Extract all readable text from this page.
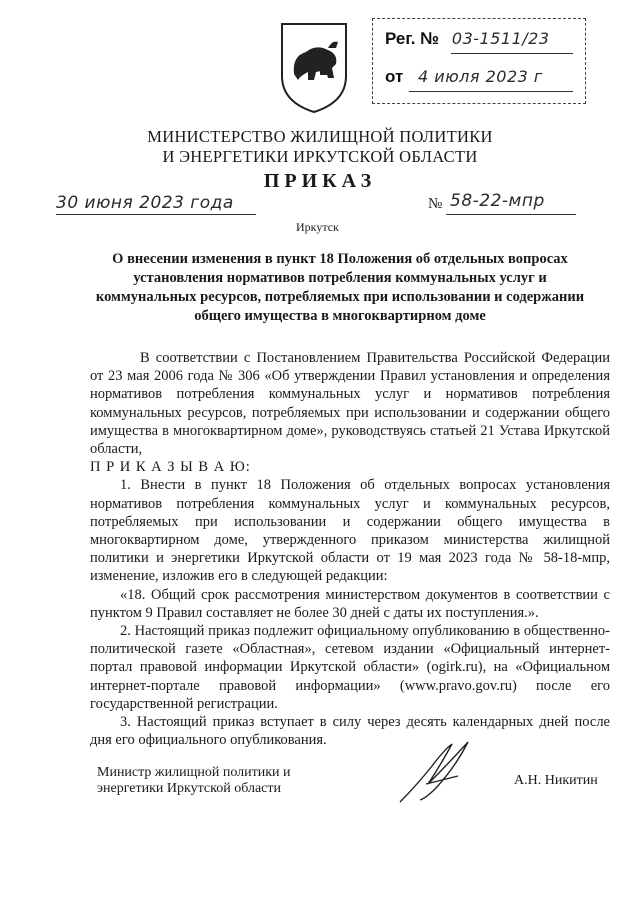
Рег. № 03-1511/23
от 4 июля 2023 г
МИНИСТЕРСТВО ЖИЛИЩНОЙ ПОЛИТИКИ
И ЭНЕРГЕТИКИ ИРКУТСКОЙ ОБЛАСТИ
ПРИКАЗ
30 июня 2023 года	№ 58-22-мпр
Иркутск
О внесении изменения в пункт 18 Положения об отдельных вопросах
установления нормативов потребления коммунальных услуг и
коммунальных ресурсов, потребляемых при использовании и содержании
общего имущества в многоквартирном доме

В соответствии с Постановлением Правительства Российской Федерации от 23 мая 2006 года № 306 «Об утверждении Правил установления и определения нормативов потребления коммунальных услуг и нормативов потребления коммунальных ресурсов, потребляемых при использовании и содержании общего имущества в многоквартирном доме», руководствуясь статьей 21 Устава Иркутской области,

П Р И К А З Ы В А Ю:

1. Внести в пункт 18 Положения об отдельных вопросах установления нормативов потребления коммунальных услуг и коммунальных ресурсов, потребляемых при использовании и содержании общего имущества в многоквартирном доме, утвержденного приказом министерства жилищной политики и энергетики Иркутской области от 19 мая 2023 года № 58-18-мпр, изменение, изложив его в следующей редакции:

«18. Общий срок рассмотрения министерством документов в соответствии с пунктом 9 Правил составляет не более 30 дней с даты их поступления.».

2. Настоящий приказ подлежит официальному опубликованию в общественно-политической газете «Областная», сетевом издании «Официальный интернет-портал правовой информации Иркутской области» (ogirk.ru), на «Официальном интернет-портале правовой информации» (www.pravo.gov.ru) после его государственной регистрации.

3. Настоящий приказ вступает в силу через десять календарных дней после дня его официального опубликования.

Министр жилищной политики и
энергетики Иркутской области
А.Н. Никитин
